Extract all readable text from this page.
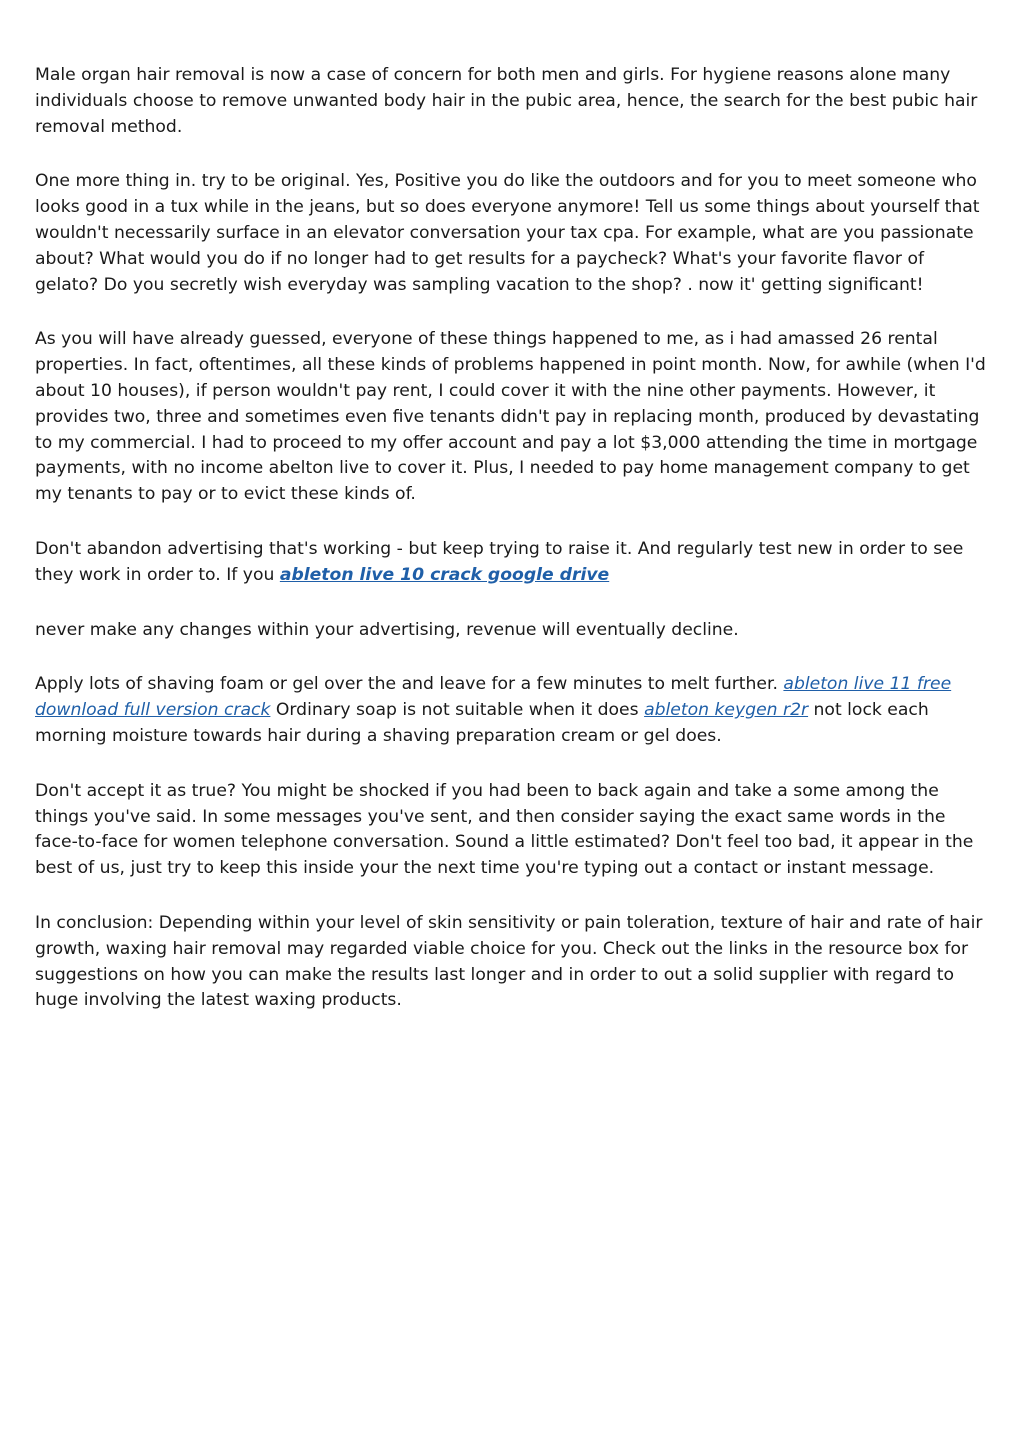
Male organ hair removal is now a case of concern for both men and girls. For hygiene reasons alone many individuals choose to remove unwanted body hair in the pubic area, hence, the search for the best pubic hair removal method.

One more thing in. try to be original. Yes, Positive you do like the outdoors and for you to meet someone who looks good in a tux while in the jeans, but so does everyone anymore! Tell us some things about yourself that wouldn't necessarily surface in an elevator conversation your tax cpa. For example, what are you passionate about? What would you do if no longer had to get results for a paycheck? What's your favorite flavor of gelato? Do you secretly wish everyday was sampling vacation to the shop? . now it' getting significant!

As you will have already guessed, everyone of these things happened to me, as i had amassed 26 rental properties. In fact, oftentimes, all these kinds of problems happened in point month. Now, for awhile (when I'd about 10 houses), if person wouldn't pay rent, I could cover it with the nine other payments. However, it provides two, three and sometimes even five tenants didn't pay in replacing month, produced by devastating to my commercial. I had to proceed to my offer account and pay a lot $3,000 attending the time in mortgage payments, with no income abelton live to cover it. Plus, I needed to pay home management company to get my tenants to pay or to evict these kinds of.

Don't abandon advertising that's working - but keep trying to raise it. And regularly test new in order to see they work in order to. If you ableton live 10 crack google drive

never make any changes within your advertising, revenue will eventually decline.

Apply lots of shaving foam or gel over the and leave for a few minutes to melt further. ableton live 11 free download full version crack Ordinary soap is not suitable when it does ableton keygen r2r not lock each morning moisture towards hair during a shaving preparation cream or gel does.

Don't accept it as true? You might be shocked if you had been to back again and take a some among the things you've said. In some messages you've sent, and then consider saying the exact same words in the face-to-face for women telephone conversation. Sound a little estimated? Don't feel too bad, it appear in the best of us, just try to keep this inside your the next time you're typing out a contact or instant message.

In conclusion: Depending within your level of skin sensitivity or pain toleration, texture of hair and rate of hair growth, waxing hair removal may regarded viable choice for you. Check out the links in the resource box for suggestions on how you can make the results last longer and in order to out a solid supplier with regard to huge involving the latest waxing products.
